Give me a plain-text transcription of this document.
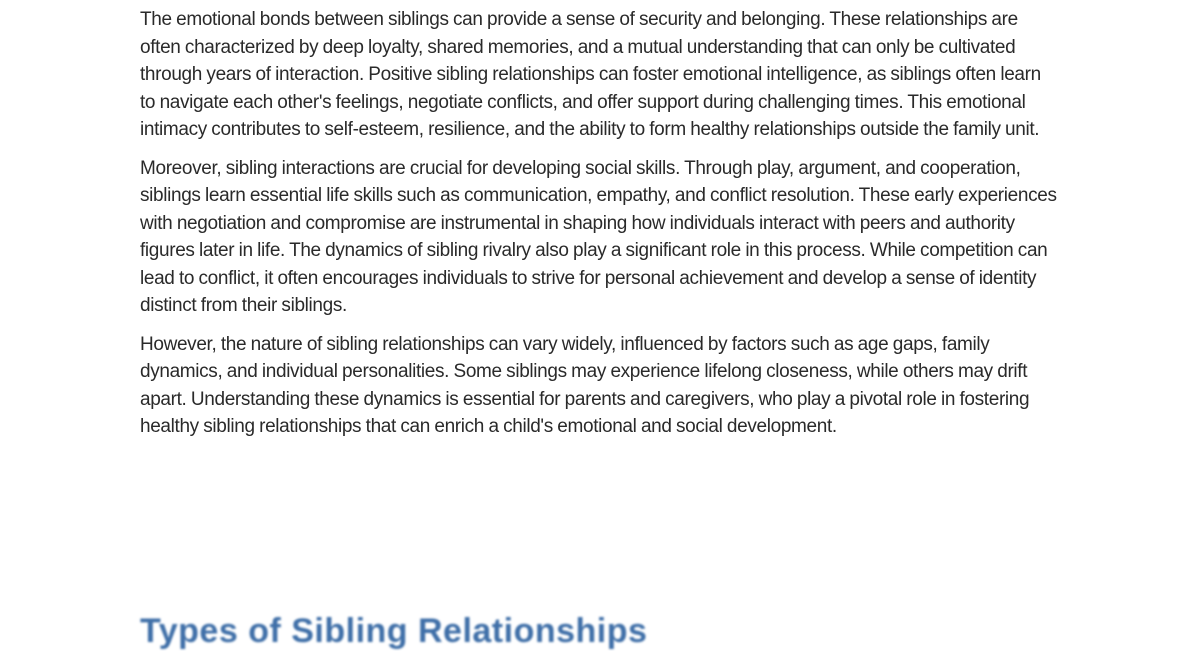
The emotional bonds between siblings can provide a sense of security and belonging. These relationships are often characterized by deep loyalty, shared memories, and a mutual understanding that can only be cultivated through years of interaction. Positive sibling relationships can foster emotional intelligence, as siblings often learn to navigate each other's feelings, negotiate conflicts, and offer support during challenging times. This emotional intimacy contributes to self-esteem, resilience, and the ability to form healthy relationships outside the family unit.

Moreover, sibling interactions are crucial for developing social skills. Through play, argument, and cooperation, siblings learn essential life skills such as communication, empathy, and conflict resolution. These early experiences with negotiation and compromise are instrumental in shaping how individuals interact with peers and authority figures later in life. The dynamics of sibling rivalry also play a significant role in this process. While competition can lead to conflict, it often encourages individuals to strive for personal achievement and develop a sense of identity distinct from their siblings.

However, the nature of sibling relationships can vary widely, influenced by factors such as age gaps, family dynamics, and individual personalities. Some siblings may experience lifelong closeness, while others may drift apart. Understanding these dynamics is essential for parents and caregivers, who play a pivotal role in fostering healthy sibling relationships that can enrich a child's emotional and social development.

Types of Sibling Relationships
